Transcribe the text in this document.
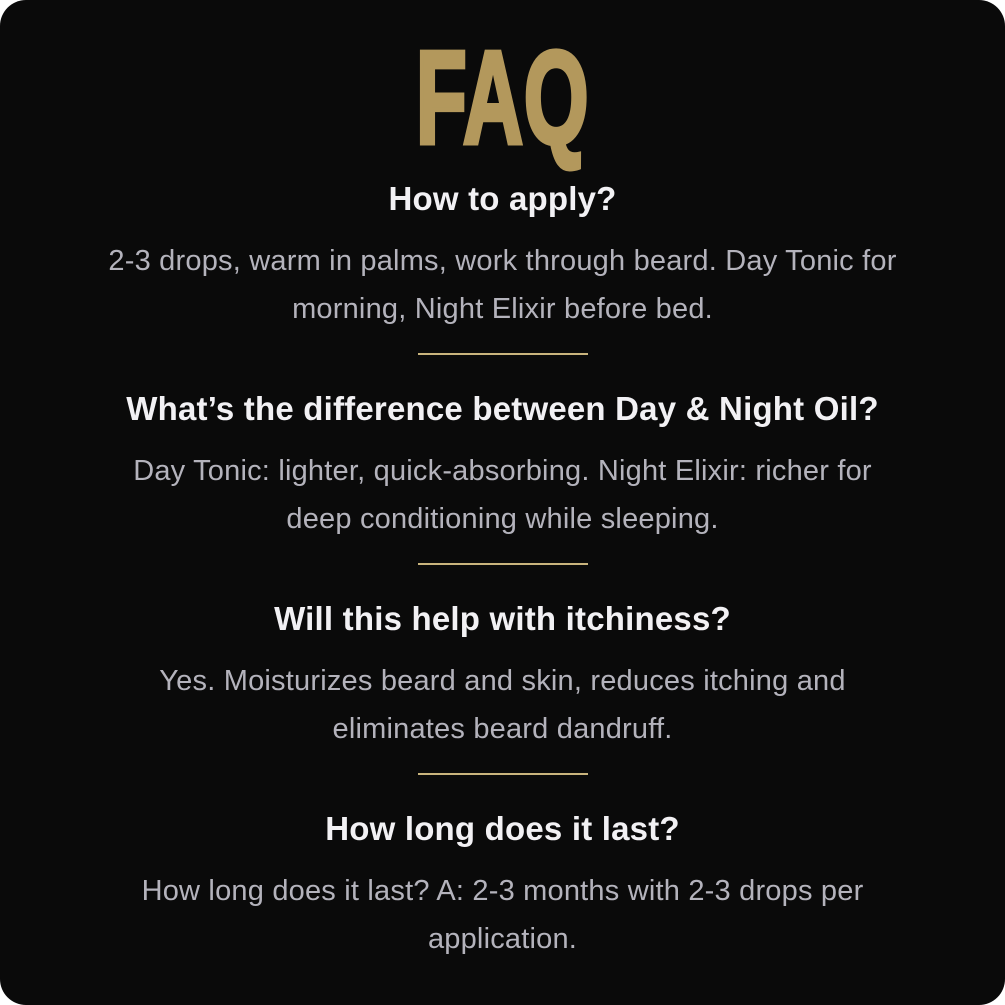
FAQ
How to apply?
2-3 drops, warm in palms, work through beard. Day Tonic for
morning, Night Elixir before bed.
What’s the difference between Day & Night Oil?
Day Tonic: lighter, quick-absorbing. Night Elixir: richer for
deep conditioning while sleeping.
Will this help with itchiness?
Yes. Moisturizes beard and skin, reduces itching and
eliminates beard dandruff.
How long does it last?
How long does it last? A: 2-3 months with 2-3 drops per
application.
